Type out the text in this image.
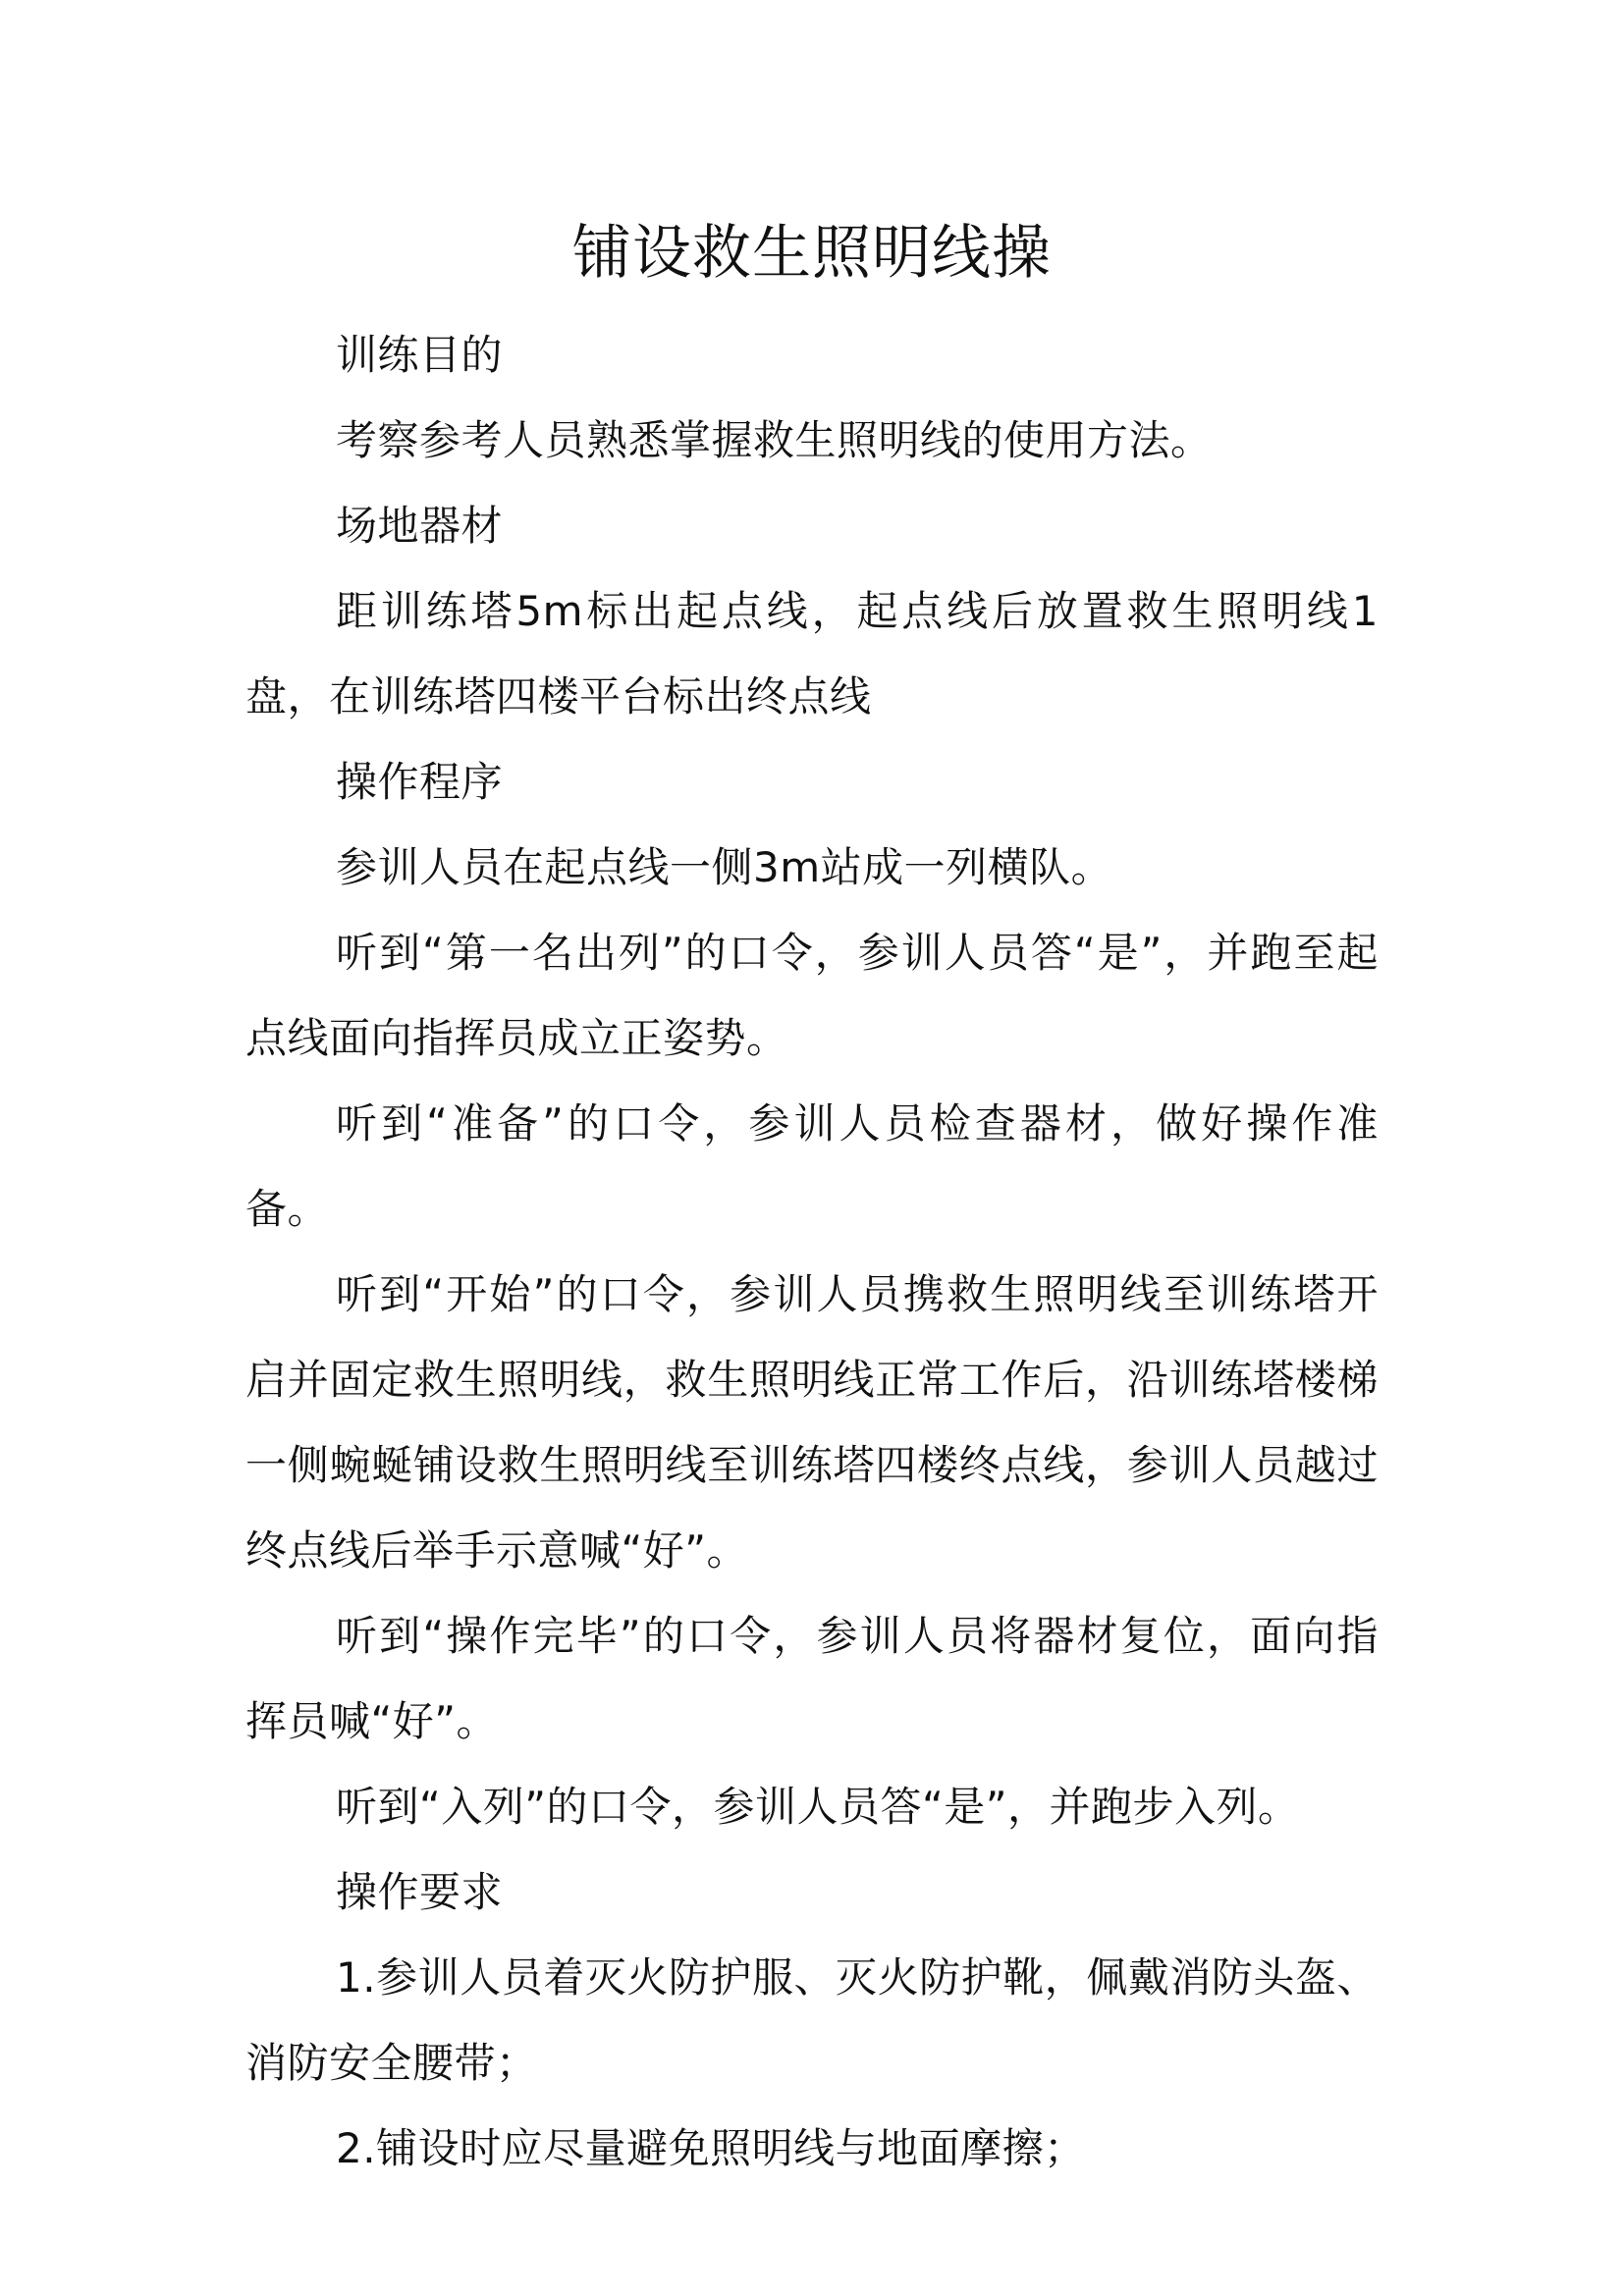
铺设救生照明线操

训练目的

考察参考人员熟悉掌握救生照明线的使用方法。

场地器材

距训练塔5m标出起点线，起点线后放置救生照明线1盘，在训练塔四楼平台标出终点线

操作程序

参训人员在起点线一侧3m站成一列横队。

听到“第一名出列”的口令，参训人员答“是”，并跑至起点线面向指挥员成立正姿势。

听到“准备”的口令，参训人员检查器材，做好操作准备。

听到“开始”的口令，参训人员携救生照明线至训练塔开启并固定救生照明线，救生照明线正常工作后，沿训练塔楼梯一侧蜿蜒铺设救生照明线至训练塔四楼终点线，参训人员越过终点线后举手示意喊“好”。

听到“操作完毕”的口令，参训人员将器材复位，面向指挥员喊“好”。

听到“入列”的口令，参训人员答“是”，并跑步入列。

操作要求

1.参训人员着灭火防护服、灭火防护靴，佩戴消防头盔、消防安全腰带；

2.铺设时应尽量避免照明线与地面摩擦；
